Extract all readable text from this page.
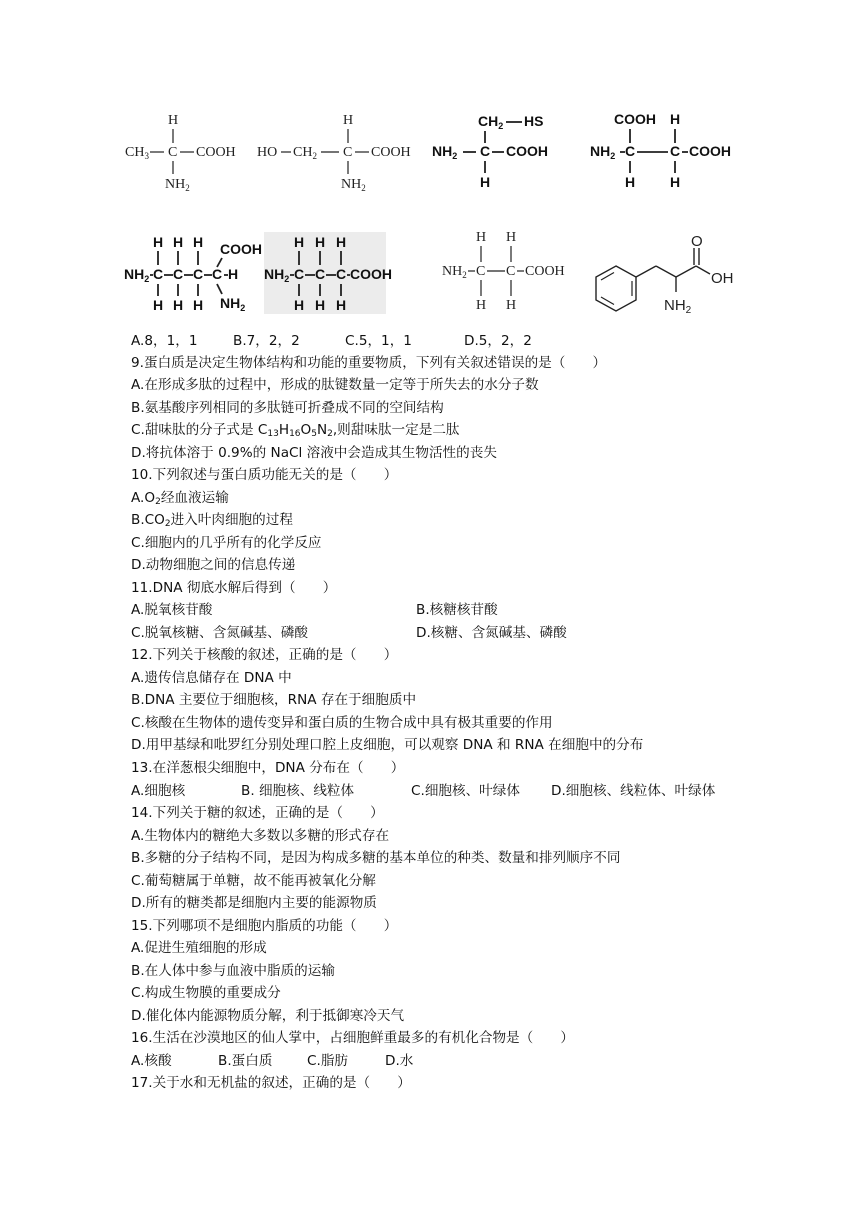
H
$CH_3$ C COOH
$NH_2$
H
HO $CH_2$ C COOH
$NH_2$
$CH_2$ HS
$NH_2$ C COOH
H
COOH H
$NH_2$ C C COOH
H H
H H H COOH
$NH_2$ C C C C H
H H H $NH_2$
H H H
$NH_2$ C C C COOH
H H H
H H
$NH_2$ C C COOH
H H
O
OH
$NH_2$
A.8，1，1	B.7，2，2	C.5，1，1	D.5，2，2
9.蛋白质是决定生物体结构和功能的重要物质，下列有关叙述错误的是（　　）
A.在形成多肽的过程中，形成的肽键数量一定等于所失去的水分子数
B.氨基酸序列相同的多肽链可折叠成不同的空间结构
C.甜味肽的分子式是 $C_{13}H_{16}O_5N_2$,则甜味肽一定是二肽
D.将抗体溶于 0.9%的 NaCl 溶液中会造成其生物活性的丧失
10.下列叙述与蛋白质功能无关的是（　　）
$A.O_2$经血液运输
$B.CO_2$进入叶肉细胞的过程
C.细胞内的几乎所有的化学反应
D.动物细胞之间的信息传递
11.DNA 彻底水解后得到（　　）
A.脱氧核苷酸	B.核糖核苷酸
C.脱氧核糖、含氮碱基、磷酸	D.核糖、含氮碱基、磷酸
12.下列关于核酸的叙述，正确的是（　　）
A.遗传信息储存在 DNA 中
B.DNA 主要位于细胞核，RNA 存在于细胞质中
C.核酸在生物体的遗传变异和蛋白质的生物合成中具有极其重要的作用
D.用甲基绿和吡罗红分别处理口腔上皮细胞，可以观察 DNA 和 RNA 在细胞中的分布
13.在洋葱根尖细胞中，DNA 分布在（　　）
A.细胞核	B. 细胞核、线粒体	C.细胞核、叶绿体 D.细胞核、线粒体、叶绿体
14.下列关于糖的叙述，正确的是（　　）
A.生物体内的糖绝大多数以多糖的形式存在
B.多糖的分子结构不同，是因为构成多糖的基本单位的种类、数量和排列顺序不同
C.葡萄糖属于单糖，故不能再被氧化分解
D.所有的糖类都是细胞内主要的能源物质
15.下列哪项不是细胞内脂质的功能（　　）
A.促进生殖细胞的形成
B.在人体中参与血液中脂质的运输
C.构成生物膜的重要成分
D.催化体内能源物质分解，利于抵御寒冷天气
16.生活在沙漠地区的仙人掌中，占细胞鲜重最多的有机化合物是（　　）
A.核酸	B.蛋白质	C.脂肪	D.水
17.关于水和无机盐的叙述，正确的是（　　）
